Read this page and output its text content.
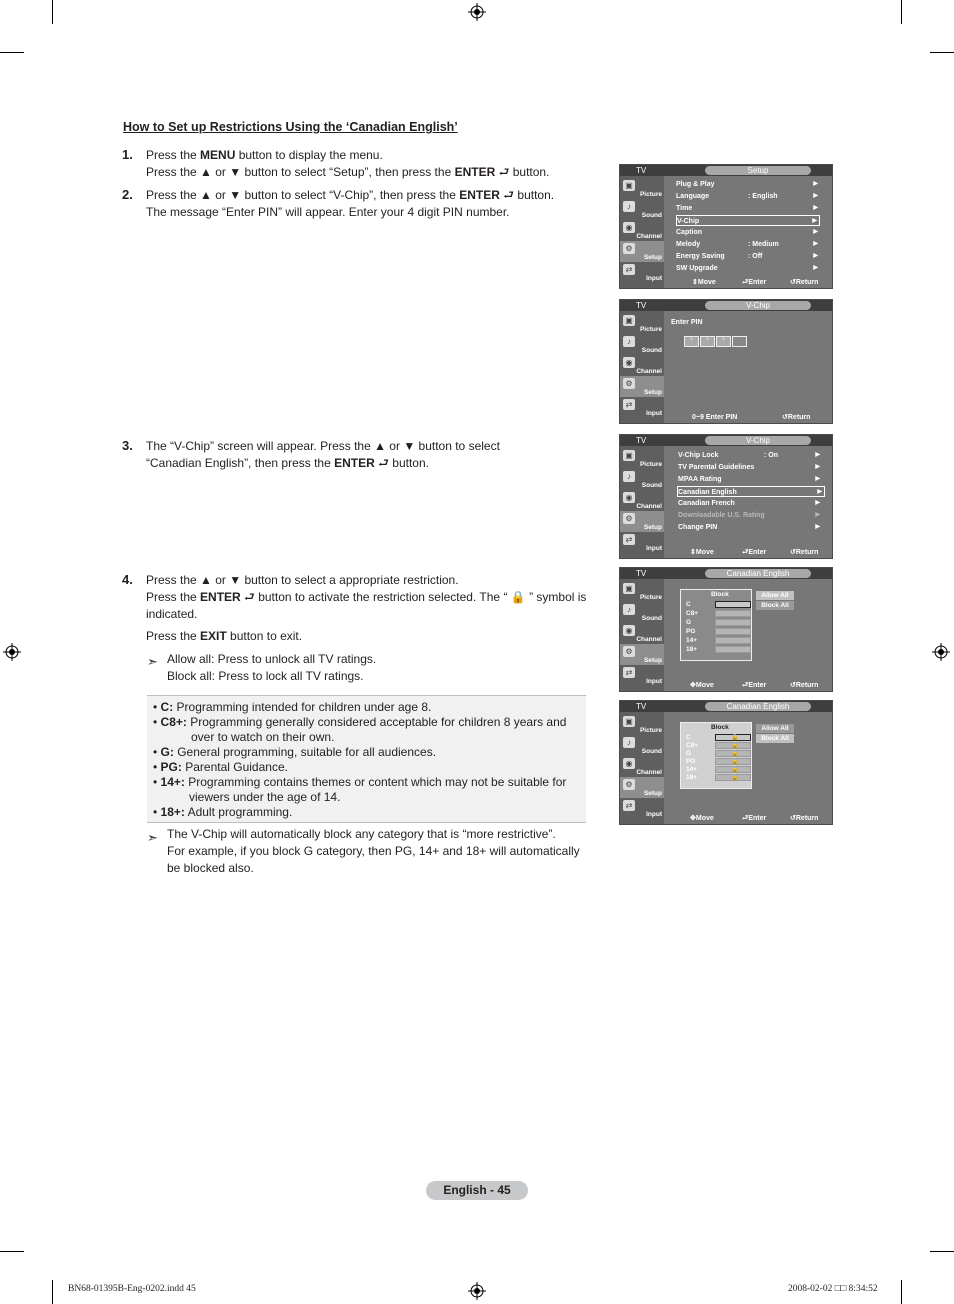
How to Set up Restrictions Using the ‘Canadian English’
1. Press the MENU button to display the menu.
Press the ▲ or ▼ button to select “Setup”, then press the ENTER ⮐ button.
2. Press the ▲ or ▼ button to select “V-Chip”, then press the ENTER ⮐ button.
The message “Enter PIN” will appear. Enter your 4 digit PIN number.
3. The “V-Chip” screen will appear. Press the ▲ or ▼ button to select
“Canadian English”, then press the ENTER ⮐ button.
4. Press the ▲ or ▼ button to select a appropriate restriction.
Press the ENTER ⮐ button to activate the restriction selected. The “ 🔒 ” symbol is
indicated.
Press the EXIT button to exit.
➣ Allow all: Press to unlock all TV ratings.
Block all: Press to lock all TV ratings.
• C: Programming intended for children under age 8.
• C8+: Programming generally considered acceptable for children 8 years and
over to watch on their own.
• G: General programming, suitable for all audiences.
• PG: Parental Guidance.
• 14+: Programming contains themes or content which may not be suitable for
viewers under the age of 14.
• 18+: Adult programming.
➣ The V-Chip will automatically block any category that is “more restrictive”.
For example, if you block G category, then PG, 14+ and 18+ will automatically
be blocked also.
TV	Setup
▣
Picture
♪
Sound
◉
Channel
⚙
Setup
⇄
Input
Plug & Play	▶
Language	: English	▶
Time	▶
V-Chip	▶
Caption	▶
Melody	: Medium	▶
Energy Saving	: Off	▶
SW Upgrade	▶
⇕ Move	⮐ Enter	↺ Return
TV	V-Chip
▣
Picture
♪
Sound
◉
Channel
⚙
Setup
⇄
Input
Enter PIN
*	*	*
0~9 Enter PIN	↺ Return
TV	V-Chip
▣
Picture
♪
Sound
◉
Channel
⚙
Setup
⇄
Input
V-Chip Lock	: On	▶
TV Parental Guidelines	▶
MPAA Rating	▶
Canadian English	▶
Canadian French	▶
Downloadable U.S. Rating	▶
Change PIN	▶
⇕ Move	⮐ Enter	↺ Return
TV	Canadian English
▣
Picture
♪
Sound
◉
Channel
⚙
Setup
⇄
Input
Block
C
C8+
G
PG
14+
18+
Allow All
Block All
✥ Move	⮐ Enter	↺ Return
TV	Canadian English
▣
Picture
♪
Sound
◉
Channel
⚙
Setup
⇄
Input
Block
C	🔒
C8+	🔒
G	🔒
PG	🔒
14+	🔒
18+	🔒
Allow All
Block All
✥ Move	⮐ Enter	↺ Return
English - 45
BN68-01395B-Eng-0202.indd 45	2008-02-02 □□ 8:34:52
